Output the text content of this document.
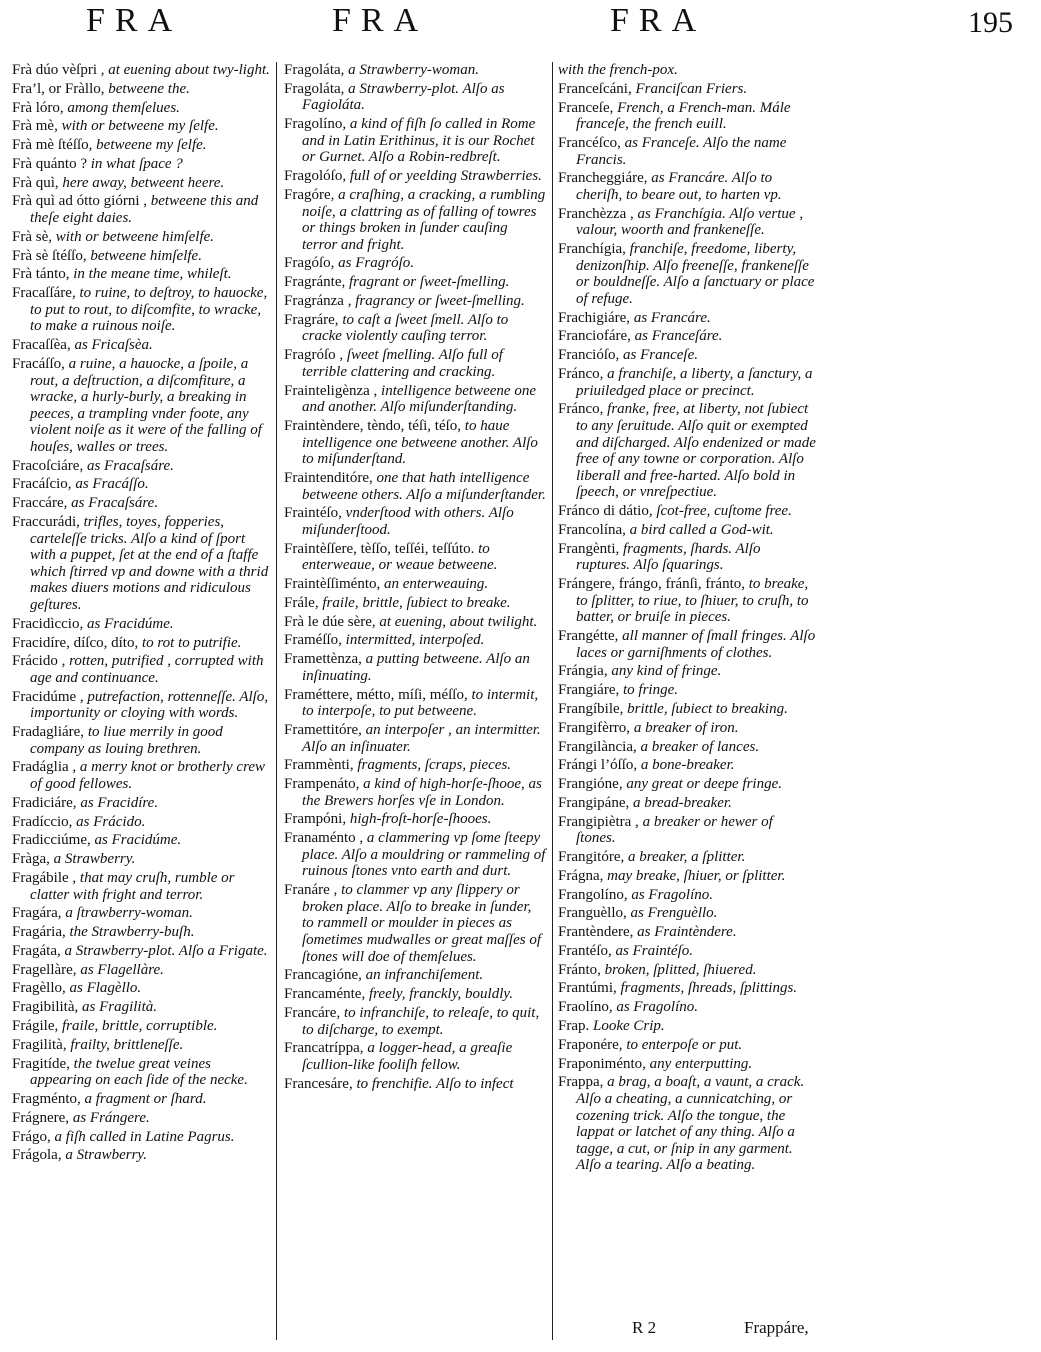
FRA	FRA	FRA	195

Frà dúo vèſpri , at euening about twy-light.

Fra’l, or Fràllo, betweene the.

Frà lóro, among themſelues.

Frà mè, with or betweene my ſelfe.

Frà mè ſtéſſo, betweene my ſelfe.

Frà quánto ? in what ſpace ?

Frà quì, here away, betweent heere.

Frà quì ad ótto giórni , betweene this and theſe eight daies.

Frà sè, with or betweene himſelfe.

Frà sè ſtéſſo, betweene himſelfe.

Frà tánto, in the meane time, whileſt.

Fracaſſáre, to ruine, to deſtroy, to hauocke, to put to rout, to diſcomfite, to wracke, to make a ruinous noiſe.

Fracaſſèa, as Fricaſsèa.

Fracáſſo, a ruine, a hauocke, a ſpoile, a rout, a deſtruction, a diſcomfiture, a wracke, a hurly-burly, a breaking in peeces, a trampling vnder foote, any violent noiſe as it were of the falling of houſes, walles or trees.

Fracoſciáre, as Fracaſsáre.

Fracáſcio, as Fracáſſo.

Fraccáre, as Fracaſsáre.

Fraccurádi, trifles, toyes, fopperies, carteleſſe tricks. Alſo a kind of ſport with a puppet, ſet at the end of a ſtaffe which ſtirred vp and downe with a thrid makes diuers motions and ridiculous geſtures.

Fracidìccio, as Fracidúme.

Fracidíre, díſco, díto, to rot to putrifie.

Frácido , rotten, putrified , corrupted with age and continuance.

Fracidúme , putrefaction, rottenneſſe. Alſo, importunity or cloying with words.

Fradagliáre, to liue merrily in good company as louing brethren.

Fradáglia , a merry knot or brotherly crew of good fellowes.

Fradiciáre, as Fracidíre.

Fradíccio, as Frácido.

Fradicciúme, as Fracidúme.

Fràga, a Strawberry.

Fragábile , that may cruſh, rumble or clatter with fright and terror.

Fragára, a ſtrawberry-woman.

Fragária, the Strawberry-buſh.

Fragáta, a Strawberry-plot. Alſo a Frigate.

Fragellàre, as Flagellàre.

Fragèllo, as Flagèllo.

Fragibilità, as Fragilità.

Frágile, fraile, brittle, corruptible.

Fragilità, frailty, brittleneſſe.

Fragitíde, the twelue great veines appearing on each ſide of the necke.

Fragménto, a fragment or ſhard.

Frágnere, as Frángere.

Frágo, a fiſh called in Latine Pagrus.

Frágola, a Strawberry.

Fragoláta, a Strawberry-woman.

Fragoláta, a Strawberry-plot. Alſo as Fagioláta.

Fragolíno, a kind of fiſh ſo called in Rome and in Latin Erithinus, it is our Rochet or Gurnet. Alſo a Robin-redbreſt.

Fragolóſo, full of or yeelding Strawberries.

Fragóre, a craſhing, a cracking, a rumbling noiſe, a clattring as of falling of towres or things broken in ſunder cauſing terror and fright.

Fragóſo, as Fragróſo.

Fragránte, fragrant or ſweet-ſmelling.

Fragránza , fragrancy or ſweet-ſmelling.

Fragráre, to caſt a ſweet ſmell. Alſo to cracke violently cauſing terror.

Fragróſo , ſweet ſmelling. Alſo full of terrible clattering and cracking.

Frainteligènza , intelligence betweene one and another. Alſo miſunderſtanding.

Fraintèndere, tèndo, téſi, téſo, to haue intelligence one betweene another. Alſo to miſunderſtand.

Fraintenditóre, one that hath intelligence betweene others. Alſo a miſunderſtander.

Fraintéſo, vnderſtood with others. Alſo miſunderſtood.

Fraintèſſere, tèſſo, teſſéi, teſſúto. to enterweaue, or weaue betweene.

Fraintèſſiménto, an enterweauing.

Frále, fraile, brittle, ſubiect to breake.

Frà le dúe sère, at euening, about twilight.

Framéſſo, intermitted, interpoſed.

Framettènza, a putting betweene. Alſo an inſinuating.

Framéttere, métto, míſi, méſſo, to intermit, to interpoſe, to put betweene.

Framettitóre, an interpoſer , an intermitter. Alſo an inſinuater.

Frammènti, fragments, ſcraps, pieces.

Frampenáto, a kind of high-horſe-ſhooe, as the Brewers horſes vſe in London.

Frampóni, high-froſt-horſe-ſhooes.

Franaménto , a clammering vp ſome ſteepy place. Alſo a mouldring or rammeling of ruinous ſtones vnto earth and durt.

Franáre , to clammer vp any ſlippery or broken place. Alſo to breake in ſunder, to rammell or moulder in pieces as ſometimes mudwalles or great maſſes of ſtones will doe of themſelues.

Francagióne, an infranchiſement.

Francaménte, freely, franckly, bouldly.

Francáre, to infranchiſe, to releaſe, to quit, to diſcharge, to exempt.

Francatríppa, a logger-head, a greaſie ſcullion-like fooliſh fellow.

Francesáre, to frenchifie. Alſo to infect

with the french-pox.

Franceſcáni, Franciſcan Friers.

Franceſe, French, a French-man. Mále franceſe, the french euill.

Francéſco, as Franceſe. Alſo the name Francis.

Francheggiáre, as Francáre. Alſo to cheriſh, to beare out, to harten vp.

Franchèzza , as Franchígia. Alſo vertue , valour, woorth and frankeneſſe.

Franchígia, franchiſe, freedome, liberty, denizonſhip. Alſo freeneſſe, frankeneſſe or bouldneſſe. Alſo a ſanctuary or place of refuge.

Frachigiáre, as Francáre.

Franciofáre, as Franceſáre.

Francióſo, as Franceſe.

Fránco, a franchiſe, a liberty, a ſanctury, a priuiledged place or precinct.

Fránco, franke, free, at liberty, not ſubiect to any ſeruitude. Alſo quit or exempted and diſcharged. Alſo endenized or made free of any towne or corporation. Alſo liberall and free-harted. Alſo bold in ſpeech, or vnreſpectiue.

Fránco di dátio, ſcot-free, cuſtome free.

Francolína, a bird called a God-wit.

Frangènti, fragments, ſhards. Alſo ruptures. Alſo ſquarings.

Frángere, frángo, fránſi, fránto, to breake, to ſplitter, to riue, to ſhiuer, to cruſh, to batter, or bruiſe in pieces.

Frangétte, all manner of ſmall fringes. Alſo laces or garniſhments of clothes.

Frángia, any kind of fringe.

Frangiáre, to fringe.

Frangíbile, brittle, ſubiect to breaking.

Frangifèrro, a breaker of iron.

Frangilància, a breaker of lances.

Frángi l’óſſo, a bone-breaker.

Frangióne, any great or deepe fringe.

Frangipáne, a bread-breaker.

Frangipiètra , a breaker or hewer of ſtones.

Frangitóre, a breaker, a ſplitter.

Frágna, may breake, ſhiuer, or ſplitter.

Frangolíno, as Fragolíno.

Franguèllo, as Frenguèllo.

Frantèndere, as Fraintèndere.

Frantéſo, as Fraintéſo.

Fránto, broken, ſplitted, ſhiuered.

Frantúmi, fragments, ſhreads, ſplittings.

Fraolíno, as Fragolíno.

Frap. Looke Crip.

Fraponére, to enterpoſe or put.

Fraponiménto, any enterputting.

Frappa, a brag, a boaſt, a vaunt, a crack. Alſo a cheating, a cunnicatching, or cozening trick. Alſo the tongue, the lappat or latchet of any thing. Alſo a tagge, a cut, or ſnip in any garment. Alſo a tearing. Alſo a beating.

R 2	Frappáre,
